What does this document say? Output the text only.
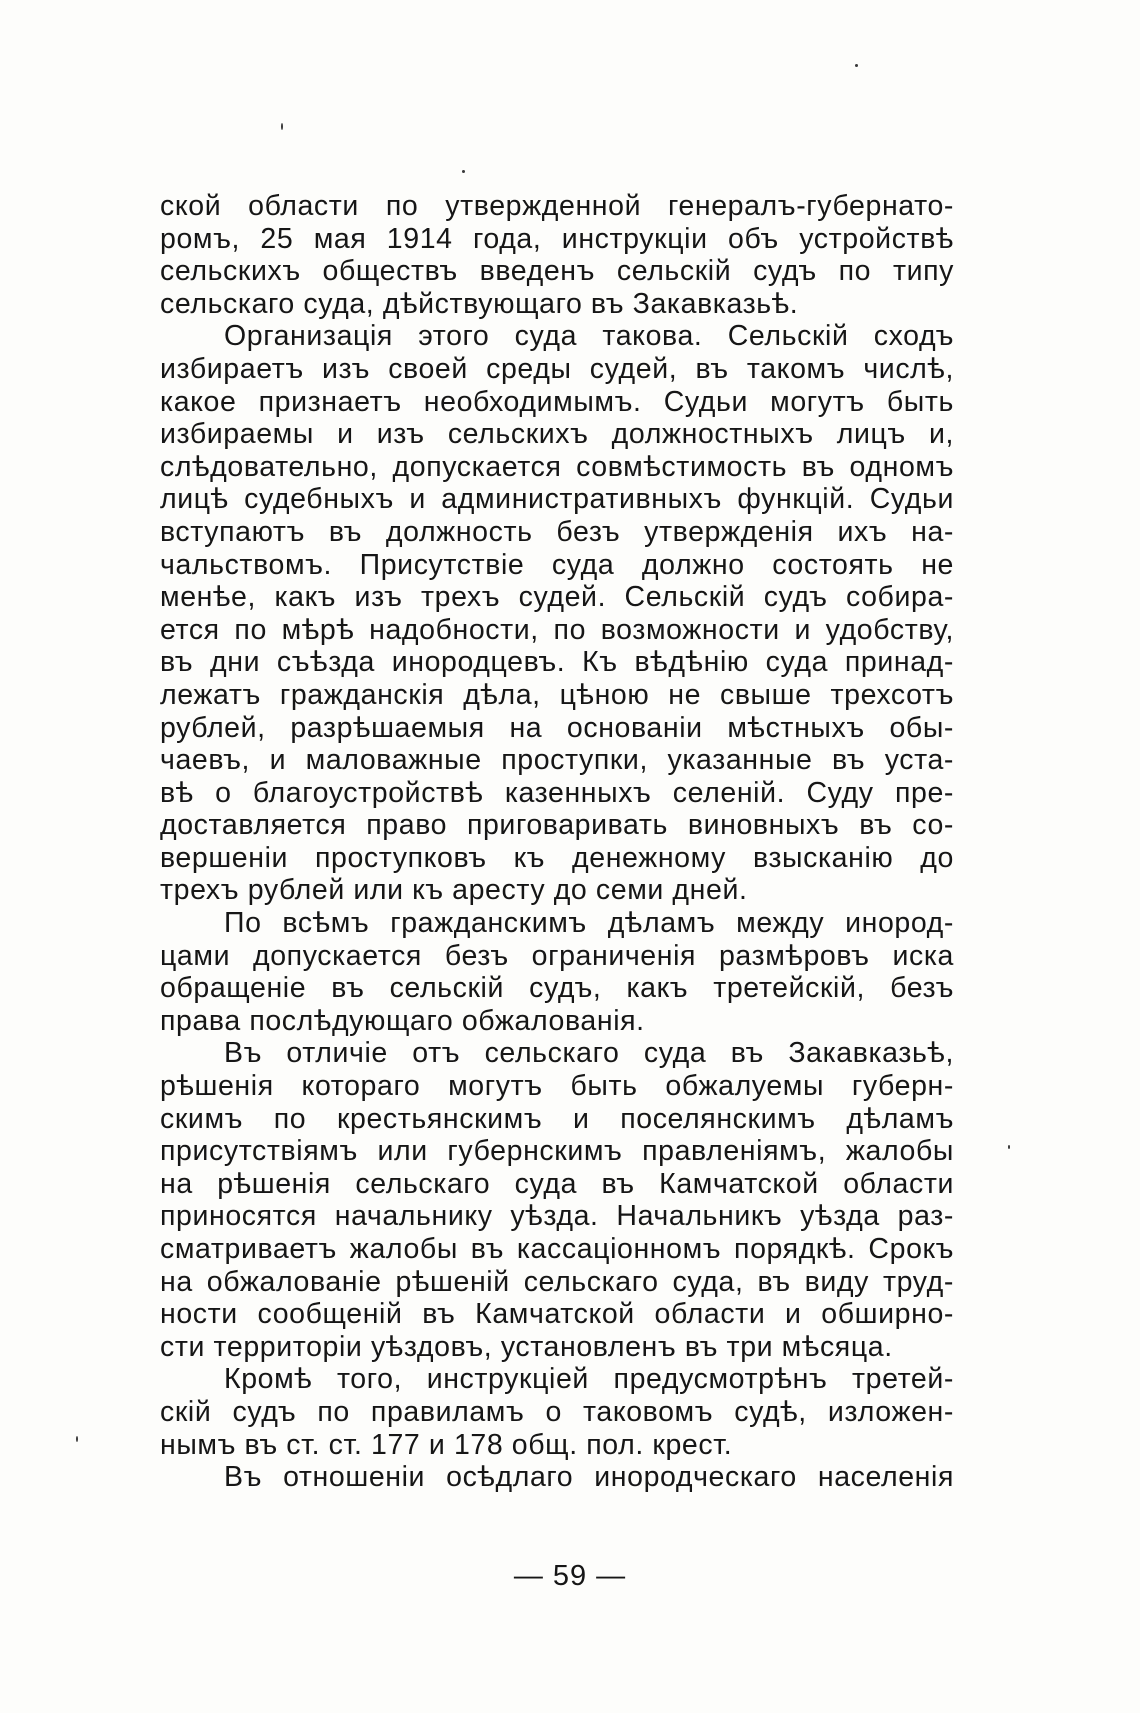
ской области по утвержденной генералъ-губернато-
ромъ, 25 мая 1914 года, инструкціи объ устройствѣ
сельскихъ обществъ введенъ сельскій судъ по типу
сельскаго суда, дѣйствующаго въ Закавказьѣ.
Организація этого суда такова. Сельскій сходъ
избираетъ изъ своей среды судей, въ такомъ числѣ,
какое признаетъ необходимымъ. Судьи могутъ быть
избираемы и изъ сельскихъ должностныхъ лицъ и,
слѣдовательно, допускается совмѣстимость въ одномъ
лицѣ судебныхъ и административныхъ функцій. Судьи
вступаютъ въ должность безъ утвержденія ихъ на-
чальствомъ. Присутствіе суда должно состоять не
менѣе, какъ изъ трехъ судей. Сельскій судъ собира-
ется по мѣрѣ надобности, по возможности и удобству,
въ дни съѣзда инородцевъ. Къ вѣдѣнію суда принад-
лежатъ гражданскія дѣла, цѣною не свыше трехсотъ
рублей, разрѣшаемыя на основаніи мѣстныхъ обы-
чаевъ, и маловажные проступки, указанные въ уста-
вѣ о благоустройствѣ казенныхъ селеній. Суду пре-
доставляется право приговаривать виновныхъ въ со-
вершеніи проступковъ къ денежному взысканію до
трехъ рублей или къ аресту до семи дней.
По всѣмъ гражданскимъ дѣламъ между инород-
цами допускается безъ ограниченія размѣровъ иска
обращеніе въ сельскій судъ, какъ третейскій, безъ
права послѣдующаго обжалованія.
Въ отличіе отъ сельскаго суда въ Закавказьѣ,
рѣшенія котораго могутъ быть обжалуемы губерн-
скимъ по крестьянскимъ и поселянскимъ дѣламъ
присутствіямъ или губернскимъ правленіямъ, жалобы
на рѣшенія сельскаго суда въ Камчатской области
приносятся начальнику уѣзда. Начальникъ уѣзда раз-
сматриваетъ жалобы въ кассаціонномъ порядкѣ. Срокъ
на обжалованіе рѣшеній сельскаго суда, въ виду труд-
ности сообщеній въ Камчатской области и обширно-
сти территоріи уѣздовъ, установленъ въ три мѣсяца.
Кромѣ того, инструкціей предусмотрѣнъ третей-
скій судъ по правиламъ о таковомъ судѣ, изложен-
нымъ въ ст. ст. 177 и 178 общ. пол. крест.
Въ отношеніи осѣдлаго инородческаго населенія
— 59 —
